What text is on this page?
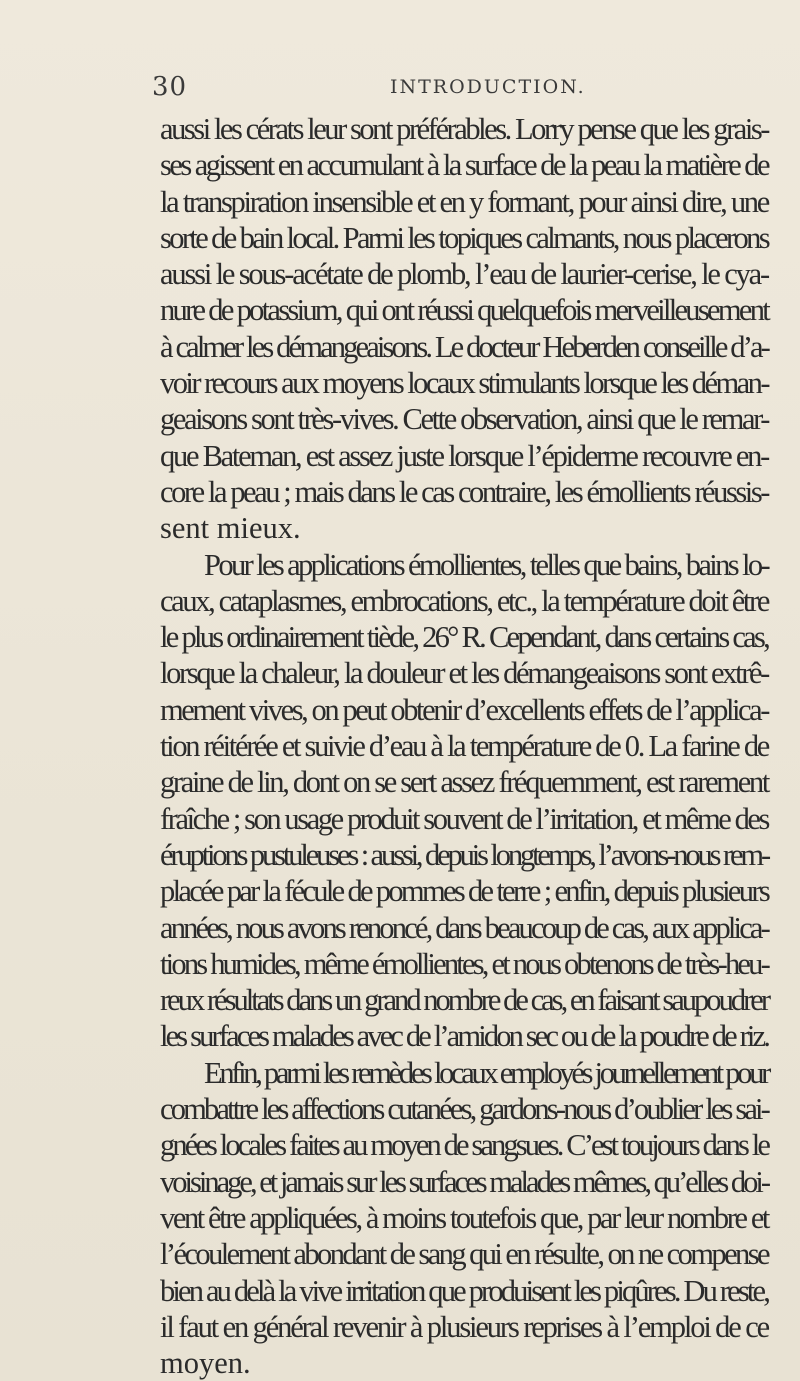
30	INTRODUCTION.
aussi les cérats leur sont préférables. Lorry pense que les grais-
ses agissent en accumulant à la surface de la peau la matière de
la transpiration insensible et en y formant, pour ainsi dire, une
sorte de bain local. Parmi les topiques calmants, nous placerons
aussi le sous-acétate de plomb, l’eau de laurier-cerise, le cya-
nure de potassium, qui ont réussi quelquefois merveilleusement
à calmer les démangeaisons. Le docteur Heberden conseille d’a-
voir recours aux moyens locaux stimulants lorsque les déman-
geaisons sont très-vives. Cette observation, ainsi que le remar-
que Bateman, est assez juste lorsque l’épiderme recouvre en-
core la peau ; mais dans le cas contraire, les émollients réussis-
sent mieux.
Pour les applications émollientes, telles que bains, bains lo-
caux, cataplasmes, embrocations, etc., la température doit être
le plus ordinairement tiède, 26° R. Cependant, dans certains cas,
lorsque la chaleur, la douleur et les démangeaisons sont extrê-
mement vives, on peut obtenir d’excellents effets de l’applica-
tion réitérée et suivie d’eau à la température de 0. La farine de
graine de lin, dont on se sert assez fréquemment, est rarement
fraîche ; son usage produit souvent de l’irritation, et même des
éruptions pustuleuses : aussi, depuis longtemps, l’avons-nous rem-
placée par la fécule de pommes de terre ; enfin, depuis plusieurs
années, nous avons renoncé, dans beaucoup de cas, aux applica-
tions humides, même émollientes, et nous obtenons de très-heu-
reux résultats dans un grand nombre de cas, en faisant saupoudrer
les surfaces malades avec de l’amidon sec ou de la poudre de riz.
Enfin, parmi les remèdes locaux employés journellement pour
combattre les affections cutanées, gardons-nous d’oublier les sai-
gnées locales faites au moyen de sangsues. C’est toujours dans le
voisinage, et jamais sur les surfaces malades mêmes, qu’elles doi-
vent être appliquées, à moins toutefois que, par leur nombre et
l’écoulement abondant de sang qui en résulte, on ne compense
bien au delà la vive irritation que produisent les piqûres. Du reste,
il faut en général revenir à plusieurs reprises à l’emploi de ce
moyen.
